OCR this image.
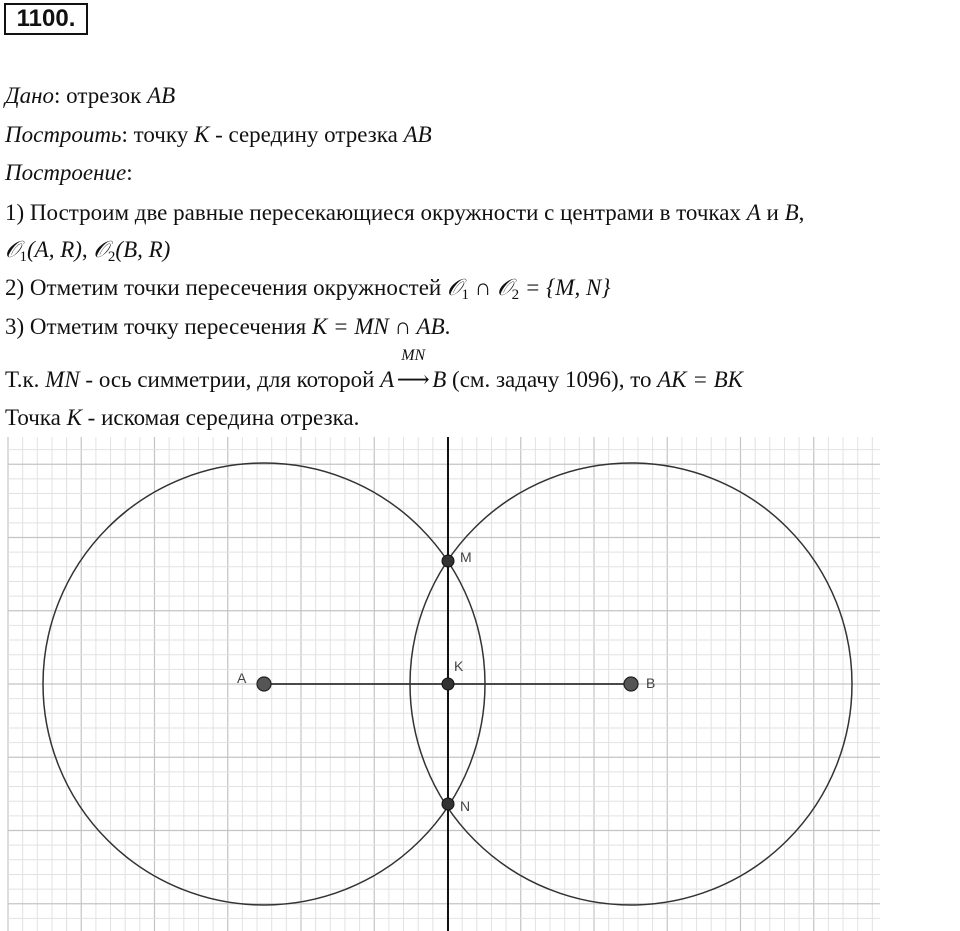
1100.
Дано: отрезок AB
Построить: точку K - середину отрезка AB
Построение:
1) Построим две равные пересекающиеся окружности с центрами в точках A и B,
𝒪$_1$(A, R), 𝒪$_2$(B, R)
2) Отметим точки пересечения окружностей 𝒪$_1$ ∩ 𝒪$_2$ = {M, N}
3) Отметим точку пересечения K = MN ∩ AB.
Т.к. MN - ось симметрии, для которой A
MN
⟶ B (см. задачу 1096), то AK = BK
Точка K - искомая середина отрезка.
A	B
K
M
N
